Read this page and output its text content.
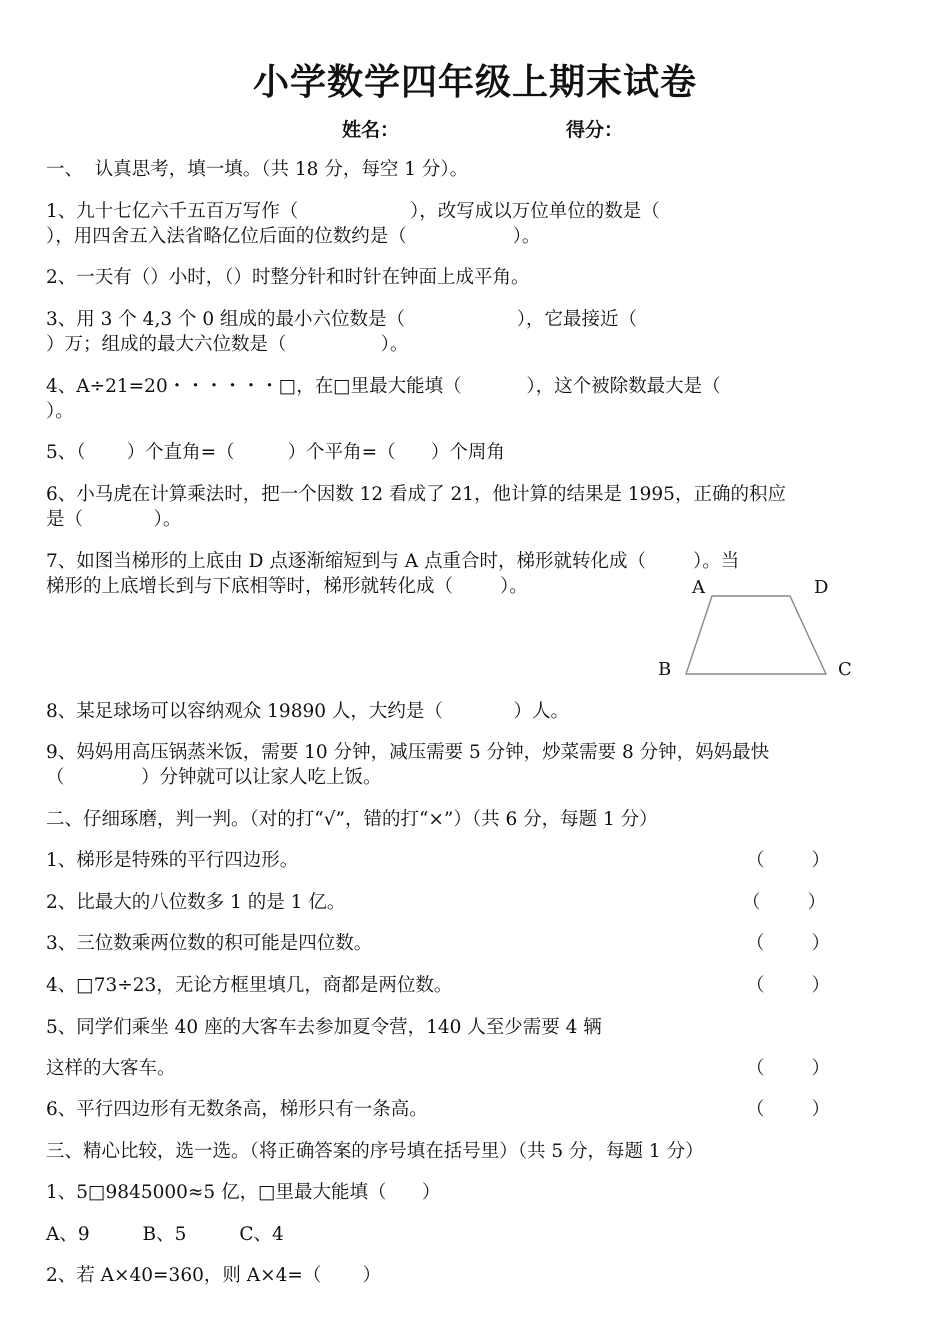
小学数学四年级上期末试卷
姓名：	得分：
一、  认真思考，填一填。（共 18 分，每空 1 分）。
1、九十七亿六千五百万写作（                   ），改写成以万位单位的数是（
），用四舍五入法省略亿位后面的位数约是（                  ）。
2、一天有（）小时，（）时整分针和时针在钟面上成平角。
3、用 3 个 4,3 个 0 组成的最小六位数是（                   ），它最接近（
）万；组成的最大六位数是（                ）。
4、A÷21=20・・・・・・□，在□里最大能填（           ），这个被除数最大是（
）。
5、（       ）个直角=（         ）个平角=（      ）个周角
6、小马虎在计算乘法时，把一个因数 12 看成了 21，他计算的结果是 1995，正确的积应
是（            ）。
7、如图当梯形的上底由 D 点逐渐缩短到与 A 点重合时，梯形就转化成（        ）。当
梯形的上底增长到与下底相等时，梯形就转化成（        ）。	A	D
B	C
8、某足球场可以容纳观众 19890 人，大约是（            ）人。
9、妈妈用高压锅蒸米饭，需要 10 分钟，减压需要 5 分钟，炒菜需要 8 分钟，妈妈最快
（             ）分钟就可以让家人吃上饭。
二、仔细琢磨，判一判。（对的打“√”，错的打“×”）（共 6 分，每题 1 分）
1、梯形是特殊的平行四边形。	（        ）
2、比最大的八位数多 1 的是 1 亿。	（        ）
3、三位数乘两位数的积可能是四位数。	（        ）
4、□73÷23，无论方框里填几，商都是两位数。	（        ）
5、同学们乘坐 40 座的大客车去参加夏令营，140 人至少需要 4 辆
这样的大客车。	（        ）
6、平行四边形有无数条高，梯形只有一条高。	（        ）
三、精心比较，选一选。（将正确答案的序号填在括号里）（共 5 分，每题 1 分）
1、5□9845000≈5 亿，□里最大能填（      ）
A、9         B、5         C、4
2、若 A×40=360，则 A×4=（       ）
